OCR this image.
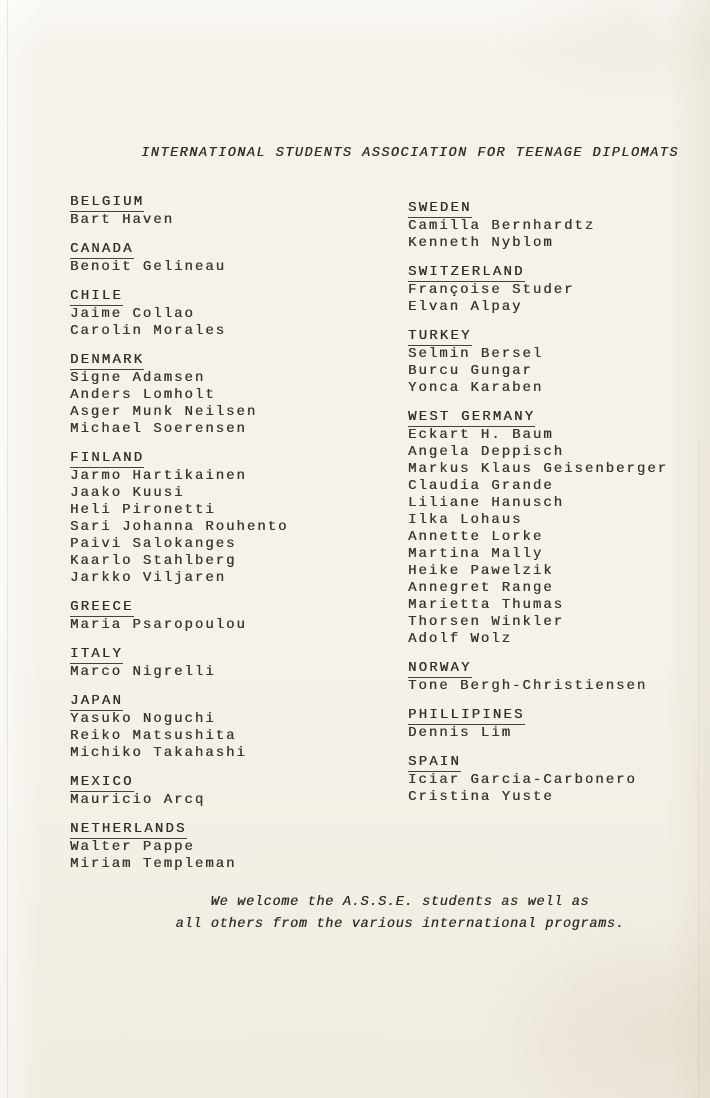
INTERNATIONAL STUDENTS ASSOCIATION FOR TEENAGE DIPLOMATS
BELGIUM
Bart Haven
CANADA
Benoit Gelineau
CHILE
Jaime Collao
Carolin Morales
DENMARK
Signe Adamsen
Anders Lomholt
Asger Munk Neilsen
Michael Soerensen
FINLAND
Jarmo Hartikainen
Jaako Kuusi
Heli Pironetti
Sari Johanna Rouhento
Paivi Salokanges
Kaarlo Stahlberg
Jarkko Viljaren
GREECE
Maria Psaropoulou
ITALY
Marco Nigrelli
JAPAN
Yasuko Noguchi
Reiko Matsushita
Michiko Takahashi
MEXICO
Mauricio Arcq
NETHERLANDS
Walter Pappe
Miriam Templeman
SWEDEN
Camilla Bernhardtz
Kenneth Nyblom
SWITZERLAND
Françoise Studer
Elvan Alpay
TURKEY
Selmin Bersel
Burcu Gungar
Yonca Karaben
WEST GERMANY
Eckart H. Baum
Angela Deppisch
Markus Klaus Geisenberger
Claudia Grande
Liliane Hanusch
Ilka Lohaus
Annette Lorke
Martina Mally
Heike Pawelzik
Annegret Range
Marietta Thumas
Thorsen Winkler
Adolf Wolz
NORWAY
Tone Bergh-Christiensen
PHILLIPINES
Dennis Lim
SPAIN
Iciar Garcia-Carbonero
Cristina Yuste
We welcome the A.S.S.E. students as well as
all others from the various international programs.
